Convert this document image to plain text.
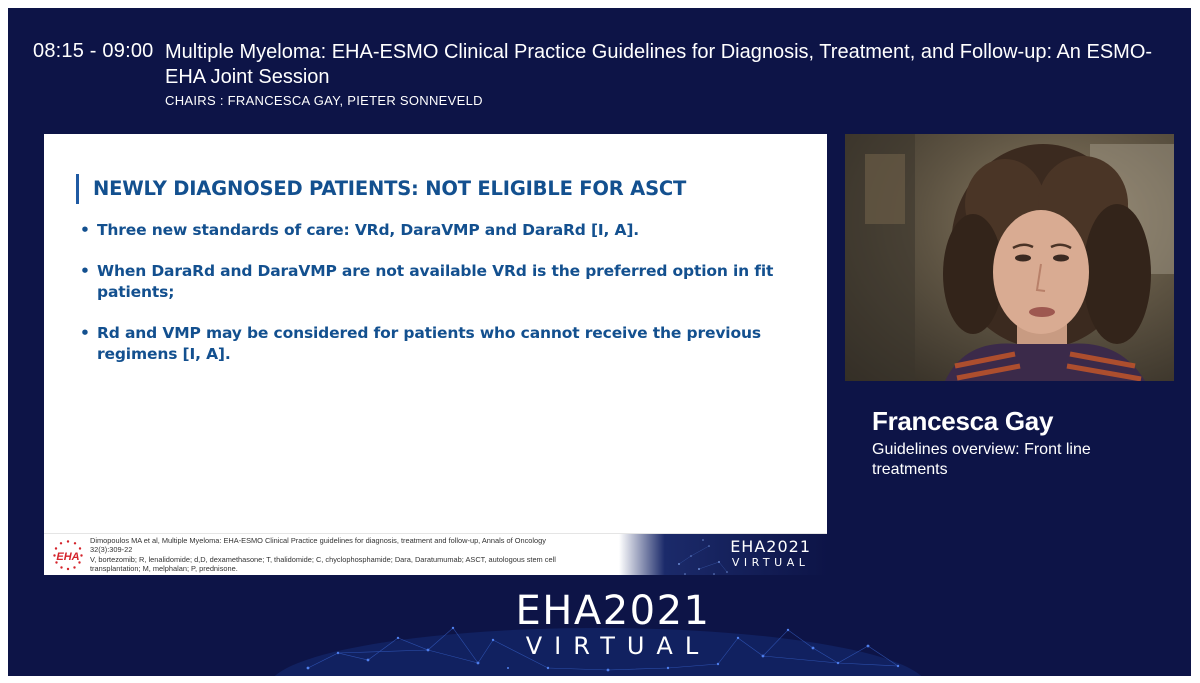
08:15 - 09:00 Multiple Myeloma: EHA-ESMO Clinical Practice Guidelines for Diagnosis, Treatment, and Follow-up: An ESMO-EHA Joint Session
CHAIRS : FRANCESCA GAY, PIETER SONNEVELD
NEWLY DIAGNOSED PATIENTS: NOT ELIGIBLE FOR ASCT
• Three new standards of care: VRd, DaraVMP and DaraRd [I, A].
• When DaraRd and DaraVMP are not available VRd is the preferred option in fit patients;
• Rd and VMP may be considered for patients who cannot receive the previous regimens [I, A].
EHA
Dimopoulos MA et al, Multiple Myeloma: EHA-ESMO Clinical Practice guidelines for diagnosis, treatment and follow-up, Annals of Oncology
32(3):309-22
V, bortezomib; R, lenalidomide; d,D, dexamethasone; T, thalidomide; C, chyclophosphamide; Dara, Daratumumab; ASCT, autologous stem cell
transplantation; M, melphalan; P, prednisone.
EHA2021
VIRTUAL
Francesca Gay
Guidelines overview: Front line treatments
EHA2021
VIRTUAL
